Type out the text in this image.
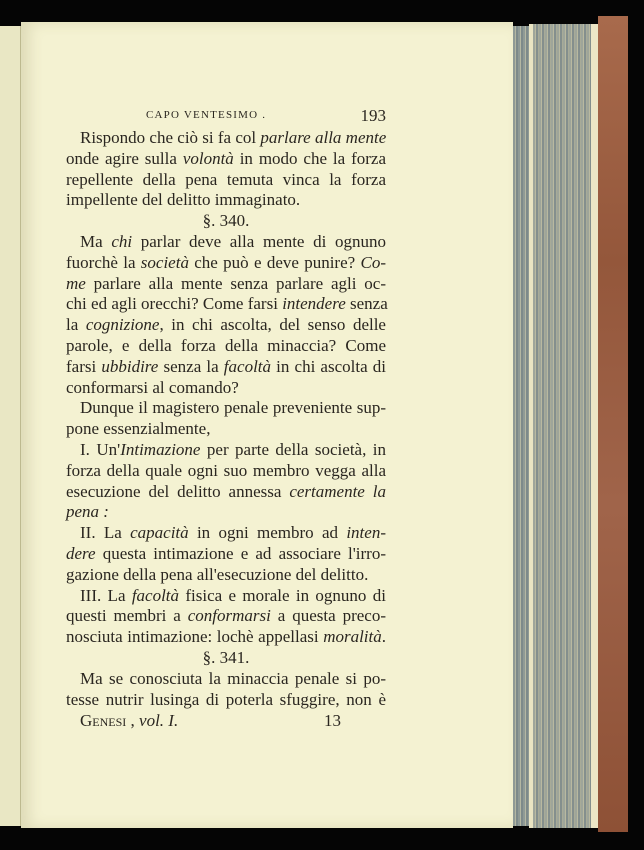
CAPO VENTESIMO .	193
Rispondo che ciò si fa col parlare alla mente
onde agire sulla volontà in modo che la forza
repellente della pena temuta vinca la forza
impellente del delitto immaginato.
§. 340.
Ma chi parlar deve alla mente di ognuno
fuorchè la società che può e deve punire? Co-
me parlare alla mente senza parlare agli oc-
chi ed agli orecchi? Come farsi intendere senza
la cognizione, in chi ascolta, del senso delle
parole, e della forza della minaccia? Come
farsi ubbidire senza la facoltà in chi ascolta di
conformarsi al comando?
Dunque il magistero penale preveniente sup-
pone essenzialmente,
I. Un'Intimazione per parte della società, in
forza della quale ogni suo membro vegga alla
esecuzione del delitto annessa certamente la
pena :
II. La capacità in ogni membro ad inten-
dere questa intimazione e ad associare l'irro-
gazione della pena all'esecuzione del delitto.
III. La facoltà fisica e morale in ognuno di
questi membri a conformarsi a questa preco-
nosciuta intimazione: lochè appellasi moralità.
§. 341.
Ma se conosciuta la minaccia penale si po-
tesse nutrir lusinga di poterla sfuggire, non è
Genesi , vol. I.	13
